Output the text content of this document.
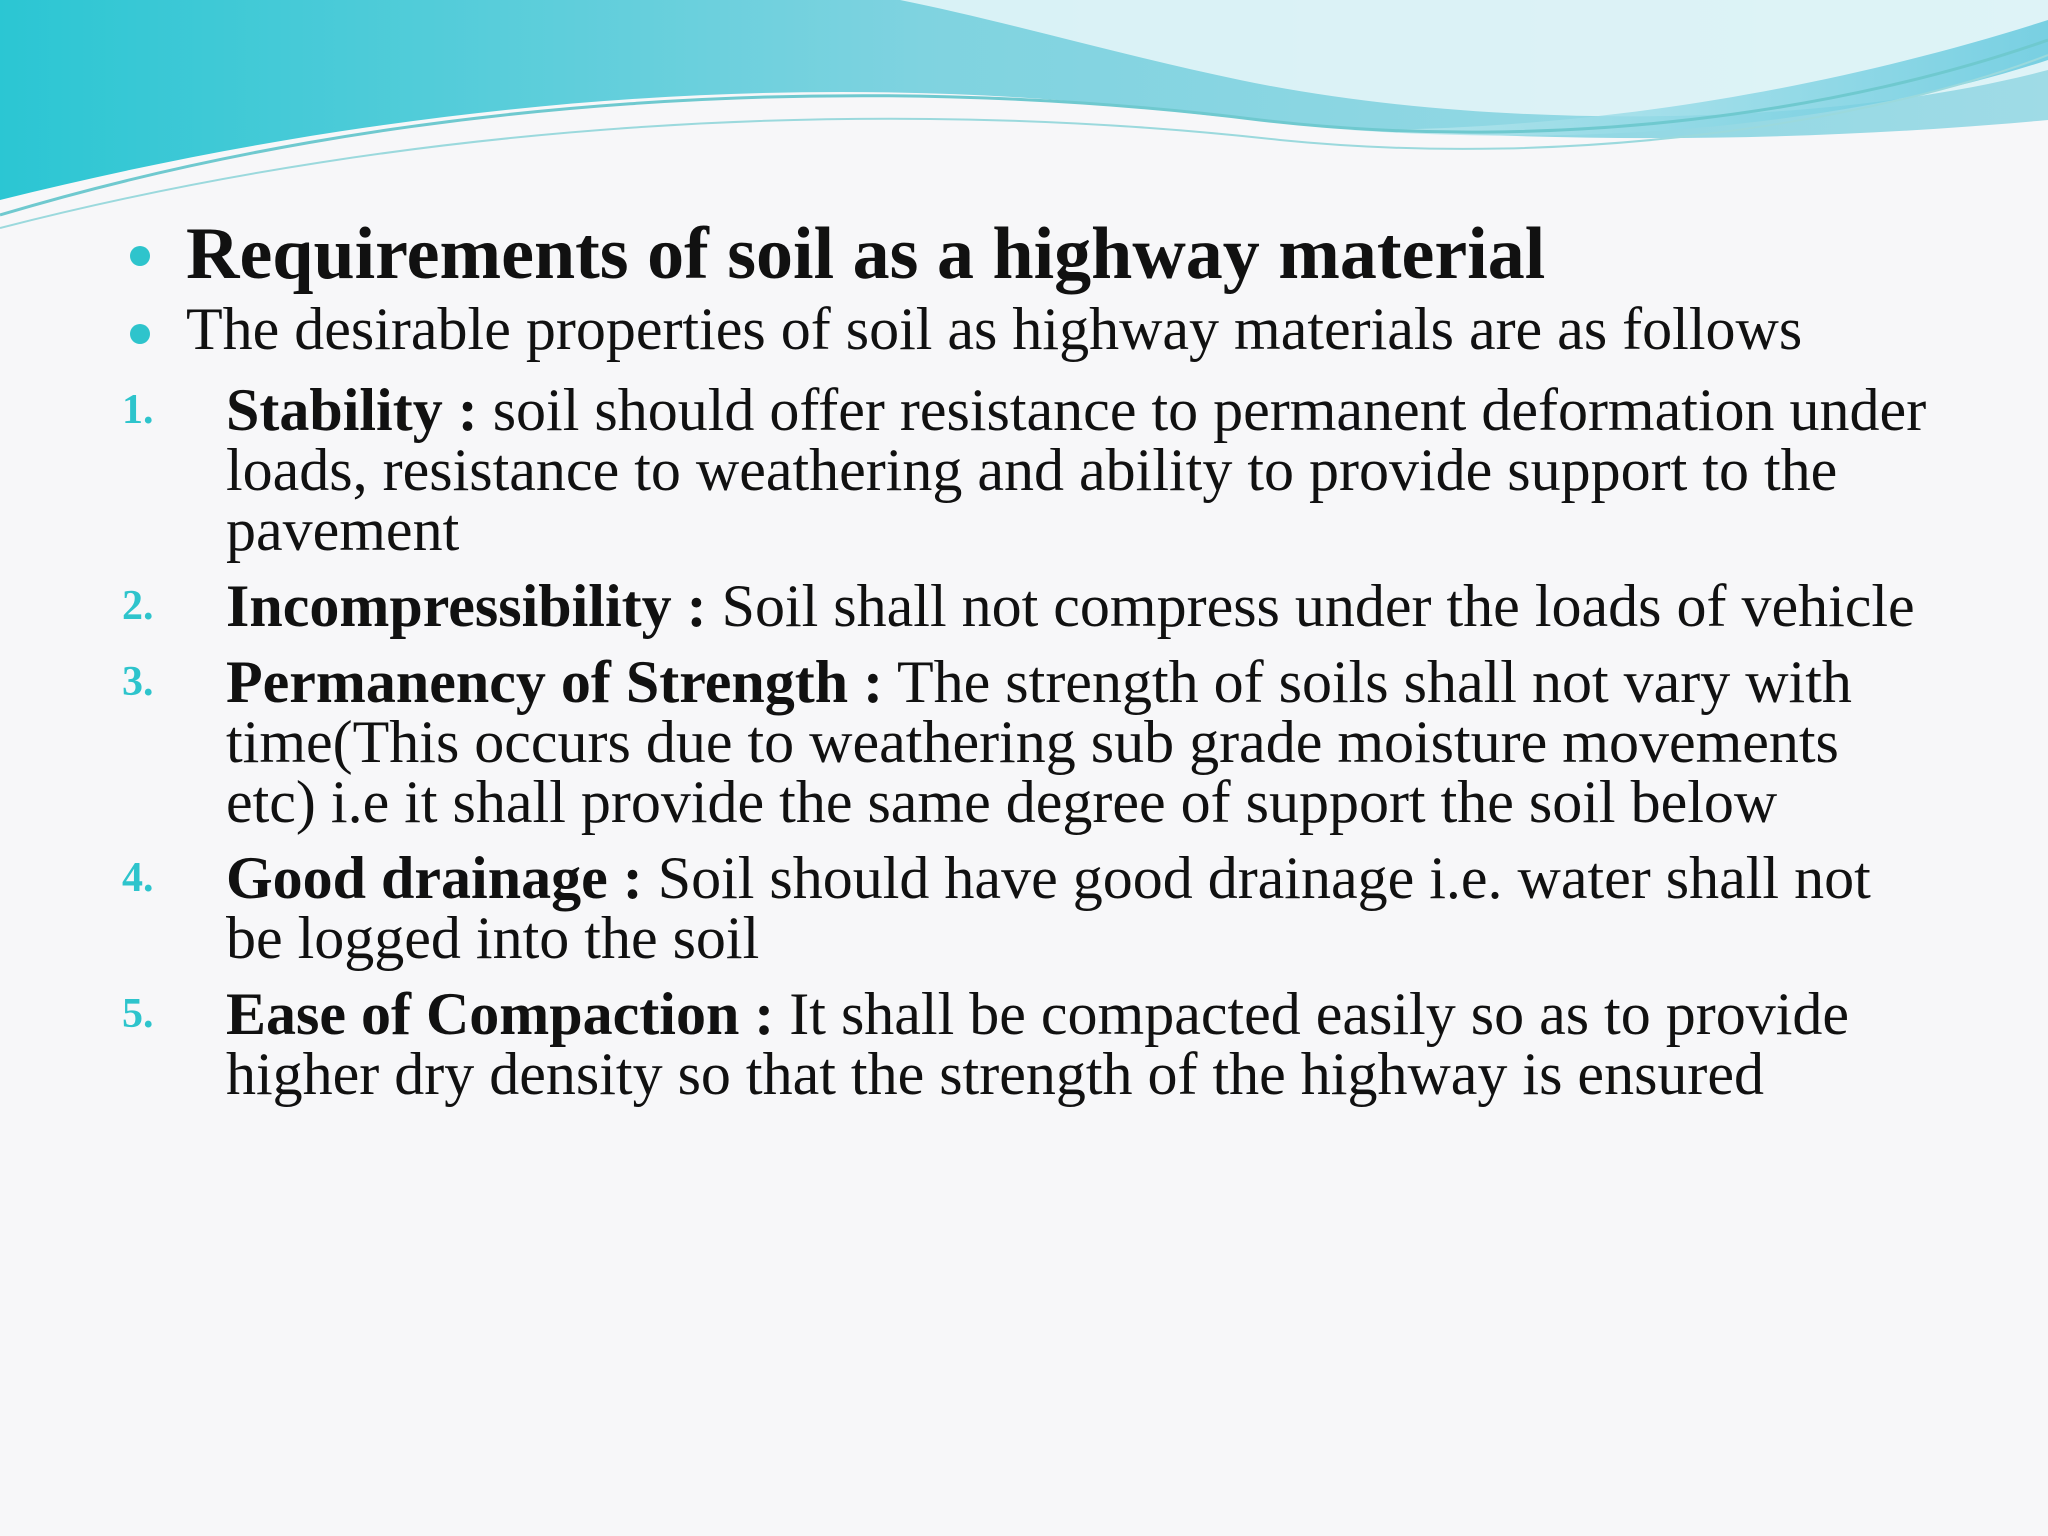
Requirements of soil as a highway material
The desirable properties of soil as highway materials are as follows
1. Stability : soil should offer resistance to permanent deformation under loads, resistance to weathering and ability to provide support to the pavement
2. Incompressibility : Soil shall not compress under the loads of vehicle
3. Permanency of Strength : The strength of soils shall not vary with time(This occurs due to weathering sub grade moisture movements etc) i.e it shall provide the same degree of support the soil below
4. Good drainage : Soil should have good drainage i.e. water shall not be logged into the soil
5. Ease of Compaction : It shall be compacted easily so as to provide higher dry density so that the strength of the highway is ensured
